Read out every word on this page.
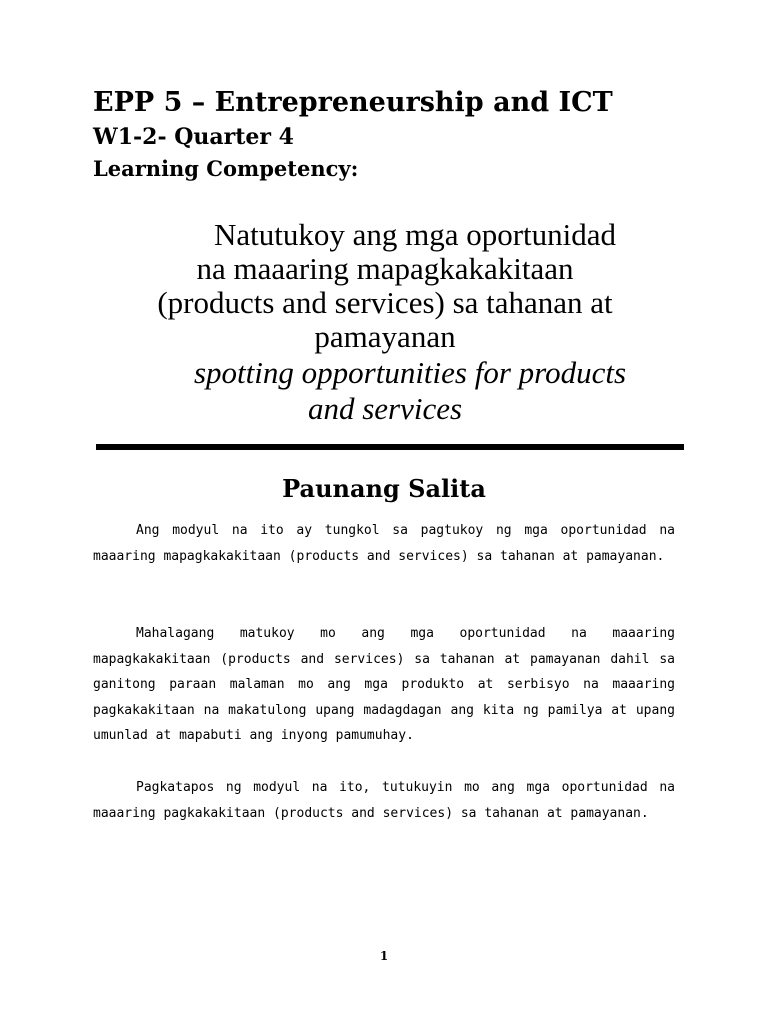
EPP 5 – Entrepreneurship and ICT
W1-2- Quarter 4
Learning Competency:

Natutukoy ang mga oportunidad
na maaaring mapagkakakitaan
(products and services) sa tahanan at
pamayanan

spotting opportunities for products
and services

Paunang Salita

Ang modyul na ito ay tungkol sa pagtukoy ng mga oportunidad na maaaring mapagkakakitaan (products and services) sa tahanan at pamayanan.

Mahalagang matukoy mo ang mga oportunidad na maaaring mapagkakakitaan (products and services) sa tahanan at pamayanan dahil sa ganitong paraan malaman mo ang mga produkto at serbisyo na maaaring pagkakakitaan na makatulong upang madagdagan ang kita ng pamilya at upang umunlad at mapabuti ang inyong pamumuhay.

Pagkatapos ng modyul na ito, tutukuyin mo ang mga oportunidad na maaaring pagkakakitaan (products and services) sa tahanan at pamayanan.

1
